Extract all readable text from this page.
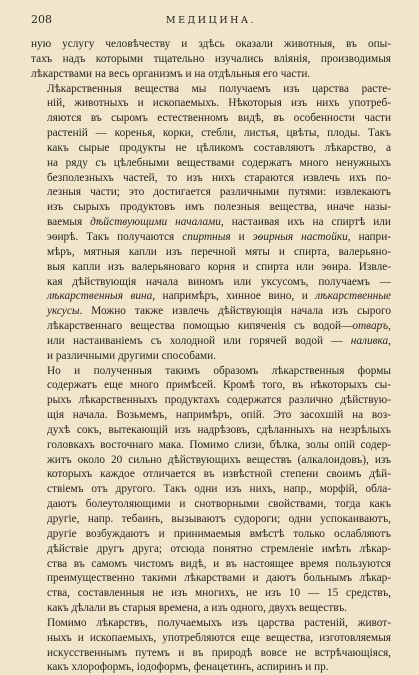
208	МЕДИЦИНА.
ную услугу человѣчеству и здѣсь оказали животныя, въ опы-
тахъ надъ которыми тщательно изучались вліянія, производимыя
лѣкарствами на весь организмъ и на отдѣльныя его части.
Лѣкарственныя вещества мы получаемъ изъ царства расте-
ній, животныхъ и ископаемыхъ. Нѣкоторыя изъ нихъ употреб-
ляются въ сыромъ естественномъ видѣ, въ особенности части
растеній — коренья, корки, стебли, листья, цвѣты, плоды. Такъ
какъ сырые продукты не цѣликомъ составляютъ лѣкарство, а
на ряду съ цѣлебными веществами содержатъ много ненужныхъ
безполезныхъ частей, то изъ нихъ стараются извлечь ихъ по-
лезныя части; это достигается различными путями: извлекаютъ
изъ сырыхъ продуктовъ имъ полезныя вещества, иначе назы-
ваемыя дѣйствующими началами, настаивая ихъ на спиртѣ или
эѳирѣ. Такъ получаются спиртныя и эѳирныя настойки, напри-
мѣръ, мятныя капли изъ перечной мяты и спирта, валерьяно-
выя капли изъ валерьяноваго корня и спирта или эѳира. Извле-
кая дѣйствующія начала виномъ или уксусомъ, получаемъ —
лѣкарственныя вина, напримѣръ, хинное вино, и лѣкарственные
уксусы. Можно также извлечь дѣйствующія начала изъ сырого
лѣкарственнаго вещества помощью кипяченія съ водой—отваръ,
или настаиваніемъ съ холодной или горячей водой — наливка,
и различными другими способами.
Но и полученныя такимъ образомъ лѣкарственныя формы
содержатъ еще много примѣсей. Кромѣ того, въ нѣкоторыхъ сы-
рыхъ лѣкарственныхъ продуктахъ содержатся различно дѣйствую-
щія начала. Возьмемъ, напримѣръ, опій. Это засохшій на воз-
духѣ сокъ, вытекающій изъ надрѣзовъ, сдѣланныхъ на незрѣлыхъ
головкахъ восточнаго мака. Помимо слизи, бѣлка, золы опій содер-
житъ около 20 сильно дѣйствующихъ веществъ (алкалоидовъ), изъ
которыхъ каждое отличается въ извѣстной степени своимъ дѣй-
ствіемъ отъ другого. Такъ одни изъ нихъ, напр., морфій, обла-
даютъ болеутоляющими и снотворными свойствами, тогда какъ
другіе, напр. тебаинъ, вызываютъ судороги; одни успокаиваютъ,
другіе возбуждаютъ и принимаемыя вмѣстѣ только ослабляютъ
дѣйствіе другъ друга; отсюда понятно стремленіе имѣть лѣкар-
ства въ самомъ чистомъ видѣ, и въ настоящее время пользуются
преимущественно такими лѣкарствами и даютъ больнымъ лѣкар-
ства, составленныя не изъ многихъ, не изъ 10 — 15 средствъ,
какъ дѣлали въ старыя времена, а изъ одного, двухъ веществъ.
Помимо лѣкарствъ, получаемыхъ изъ царства растеній, живот-
ныхъ и ископаемыхъ, употребляются еще вещества, изготовляемыя
искусственнымъ путемъ и въ природѣ вовсе не встрѣчающіяся,
какъ хлороформъ, іодоформъ, фенацетинъ, аспиринъ и пр.
